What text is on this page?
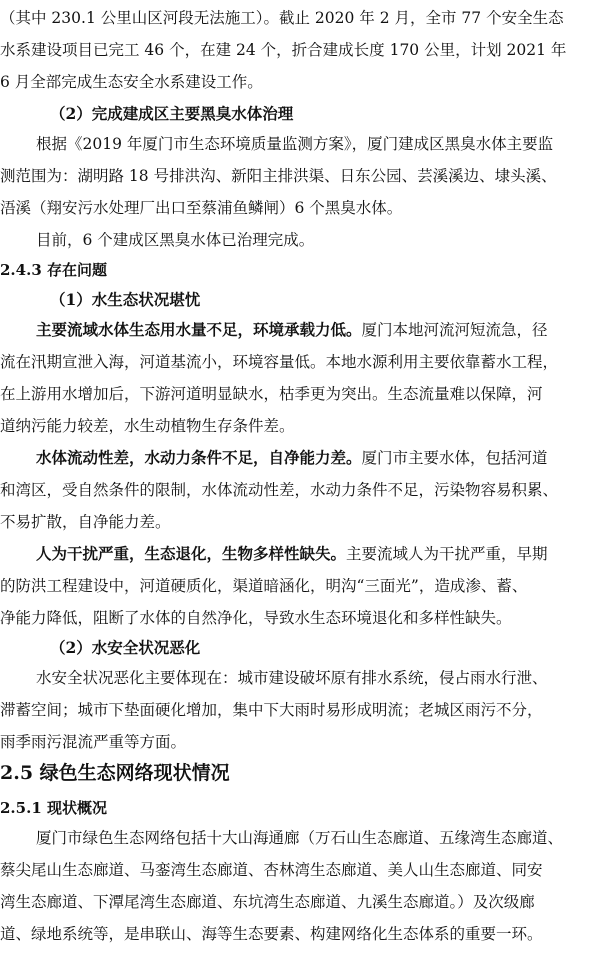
（其中 230.1 公里山区河段无法施工）。截止 2020 年 2 月，全市 77 个安全生态
水系建设项目已完工 46 个，在建 24 个，折合建成长度 170 公里，计划 2021 年
6 月全部完成生态安全水系建设工作。
（2）完成建成区主要黑臭水体治理
根据《2019 年厦门市生态环境质量监测方案》，厦门建成区黑臭水体主要监
测范围为：湖明路 18 号排洪沟、新阳主排洪渠、日东公园、芸溪溪边、埭头溪、
浯溪（翔安污水处理厂出口至蔡浦鱼鳞闸）6 个黑臭水体。
目前，6 个建成区黑臭水体已治理完成。
2.4.3 存在问题
（1）水生态状况堪忧
主要流域水体生态用水量不足，环境承载力低。厦门本地河流河短流急，径
流在汛期宣泄入海，河道基流小，环境容量低。本地水源利用主要依靠蓄水工程，
在上游用水增加后，下游河道明显缺水，枯季更为突出。生态流量难以保障，河
道纳污能力较差，水生动植物生存条件差。
水体流动性差，水动力条件不足，自净能力差。厦门市主要水体，包括河道
和湾区，受自然条件的限制，水体流动性差，水动力条件不足，污染物容易积累、
不易扩散，自净能力差。
人为干扰严重，生态退化，生物多样性缺失。主要流域人为干扰严重，早期
的防洪工程建设中，河道硬质化，渠道暗涵化，明沟“三面光”，造成渗、蓄、
净能力降低，阻断了水体的自然净化，导致水生态环境退化和多样性缺失。
（2）水安全状况恶化
水安全状况恶化主要体现在：城市建设破坏原有排水系统，侵占雨水行泄、
滞蓄空间；城市下垫面硬化增加，集中下大雨时易形成明流；老城区雨污不分，
雨季雨污混流严重等方面。
2.5 绿色生态网络现状情况
2.5.1 现状概况
厦门市绿色生态网络包括十大山海通廊（万石山生态廊道、五缘湾生态廊道、
蔡尖尾山生态廊道、马銮湾生态廊道、杏林湾生态廊道、美人山生态廊道、同安
湾生态廊道、下潭尾湾生态廊道、东坑湾生态廊道、九溪生态廊道。）及次级廊
道、绿地系统等，是串联山、海等生态要素、构建网络化生态体系的重要一环。
